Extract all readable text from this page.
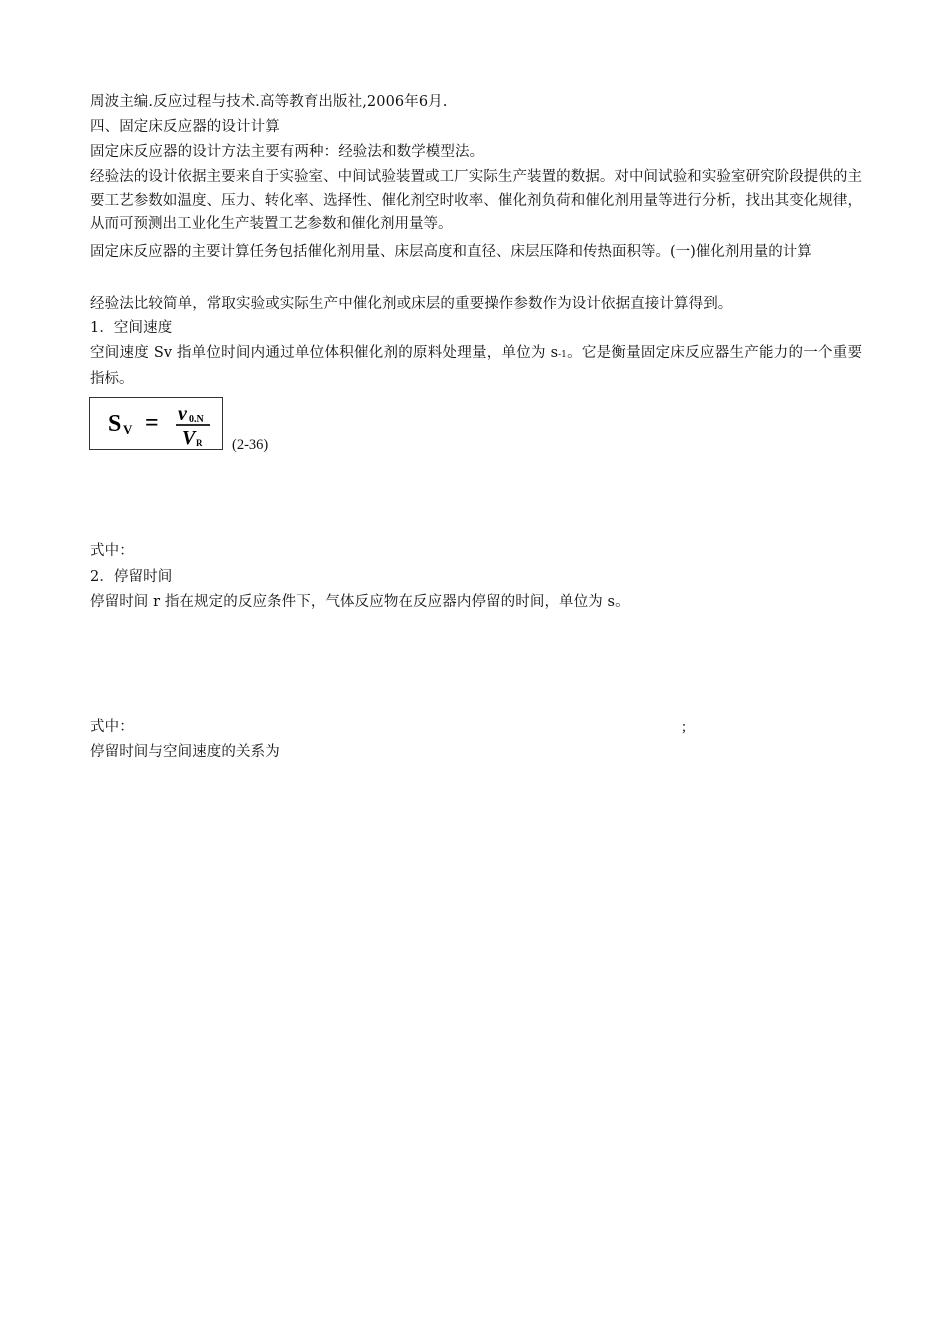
周波主编.反应过程与技术.高等教育出版社,2006年6月.
四、固定床反应器的设计计算
固定床反应器的设计方法主要有两种：经验法和数学模型法。
经验法的设计依据主要来自于实验室、中间试验装置或工厂实际生产装置的数据。对中间试验和实验室研究阶段提供的主要工艺参数如温度、压力、转化率、选择性、催化剂空时收率、催化剂负荷和催化剂用量等进行分析，找出其变化规律，从而可预测出工业化生产装置工艺参数和催化剂用量等。
固定床反应器的主要计算任务包括催化剂用量、床层高度和直径、床层压降和传热面积等。(一)催化剂用量的计算
经验法比较简单，常取实验或实际生产中催化剂或床层的重要操作参数作为设计依据直接计算得到。
1．空间速度
空间速度 Sv 指单位时间内通过单位体积催化剂的原料处理量，单位为 s-1。它是衡量固定床反应器生产能力的一个重要指标。
S V = v 0.N
V R (2-36)
式中：
2．停留时间
停留时间 r 指在规定的反应条件下，气体反应物在反应器内停留的时间，单位为 s。
式中：	;
停留时间与空间速度的关系为
